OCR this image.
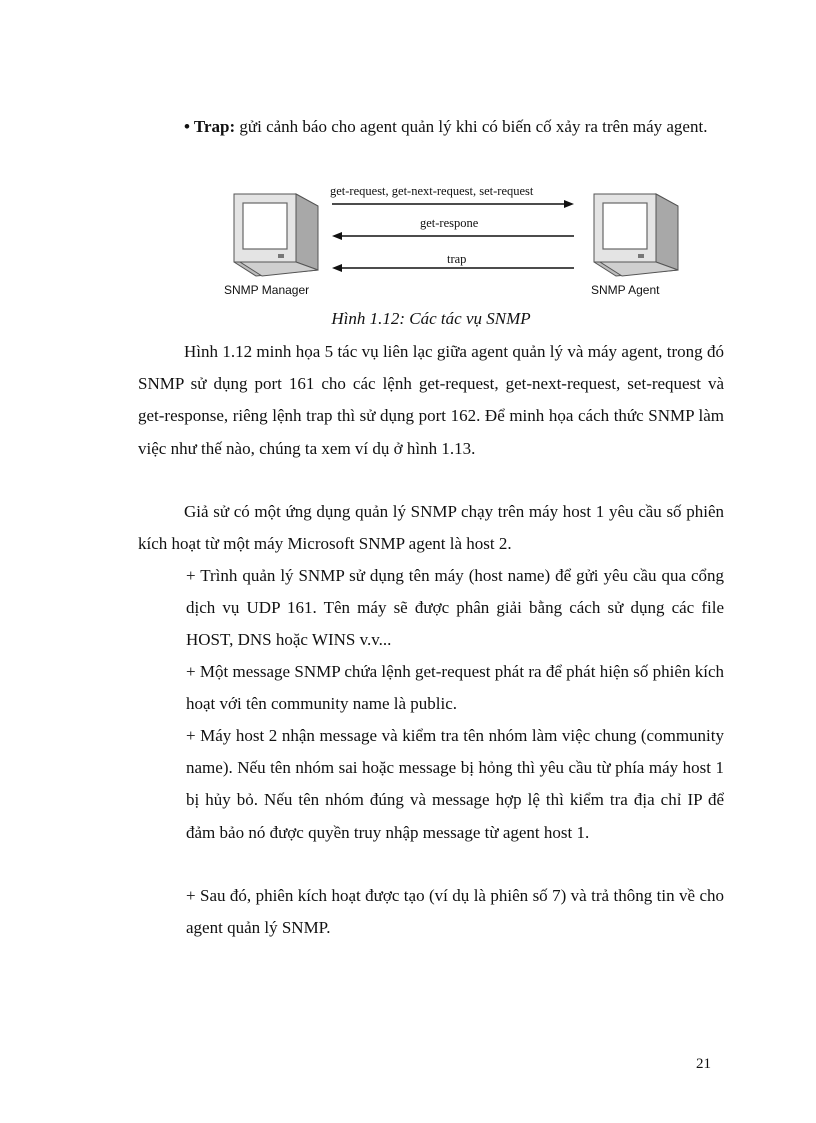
• Trap: gửi cảnh báo cho agent quản lý khi có biến cố xảy ra trên máy agent.

get-request, get-next-request, set-request
get-respone
trap
SNMP Manager	SNMP Agent
Hình 1.12: Các tác vụ SNMP

Hình 1.12 minh họa 5 tác vụ liên lạc giữa agent quản lý và máy agent, trong đó SNMP sử dụng port 161 cho các lệnh get-request, get-next-request, set-request và get-response, riêng lệnh trap thì sử dụng port 162. Để minh họa cách thức SNMP làm việc như thế nào, chúng ta xem ví dụ ở hình 1.13.

Giả sử có một ứng dụng quản lý SNMP chạy trên máy host 1 yêu cầu số phiên kích hoạt từ một máy Microsoft SNMP agent là host 2.

+ Trình quản lý SNMP sử dụng tên máy (host name) để gửi yêu cầu qua cổng dịch vụ UDP 161. Tên máy sẽ được phân giải bằng cách sử dụng các file HOST, DNS hoặc WINS v.v...

+ Một message SNMP chứa lệnh get-request phát ra để phát hiện số phiên kích hoạt với tên community name là public.

+ Máy host 2 nhận message và kiểm tra tên nhóm làm việc chung (community name). Nếu tên nhóm sai hoặc message bị hỏng thì yêu cầu từ phía máy host 1 bị hủy bỏ. Nếu tên nhóm đúng và message hợp lệ thì kiểm tra địa chỉ IP để đảm bảo nó được quyền truy nhập message từ agent host 1.

+ Sau đó, phiên kích hoạt được tạo (ví dụ là phiên số 7) và trả thông tin về cho agent quản lý SNMP.

21
